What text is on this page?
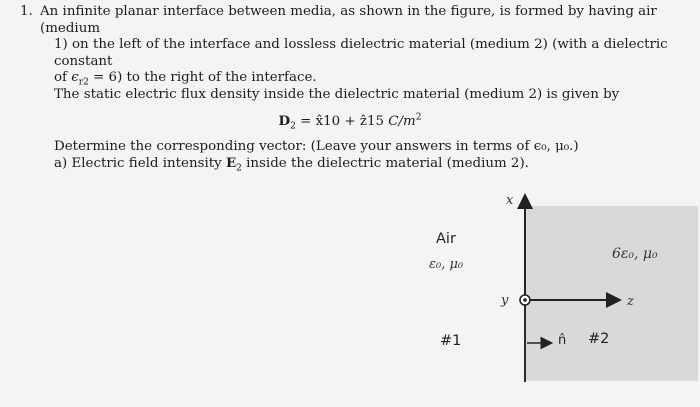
1. An infinite planar interface between media, as shown in the figure, is formed by having air (medium

1) on the left of the interface and lossless dielectric material (medium 2) (with a dielectric constant

of $\epsilon_{r2} = 6$) to the right of the interface.

The static electric flux density inside the dielectric material (medium 2) is given by

$D_2$ = x̂10 + ẑ15 $C/m^2$

Determine the corresponding vector: (Leave your answers in terms of ϵ₀, μ₀.)

a) Electric field intensity $E_2$ inside the dielectric material (medium 2).

x
y	z
Air
ε₀, μ₀
#1
6ε₀, μ₀
#2
n̂
